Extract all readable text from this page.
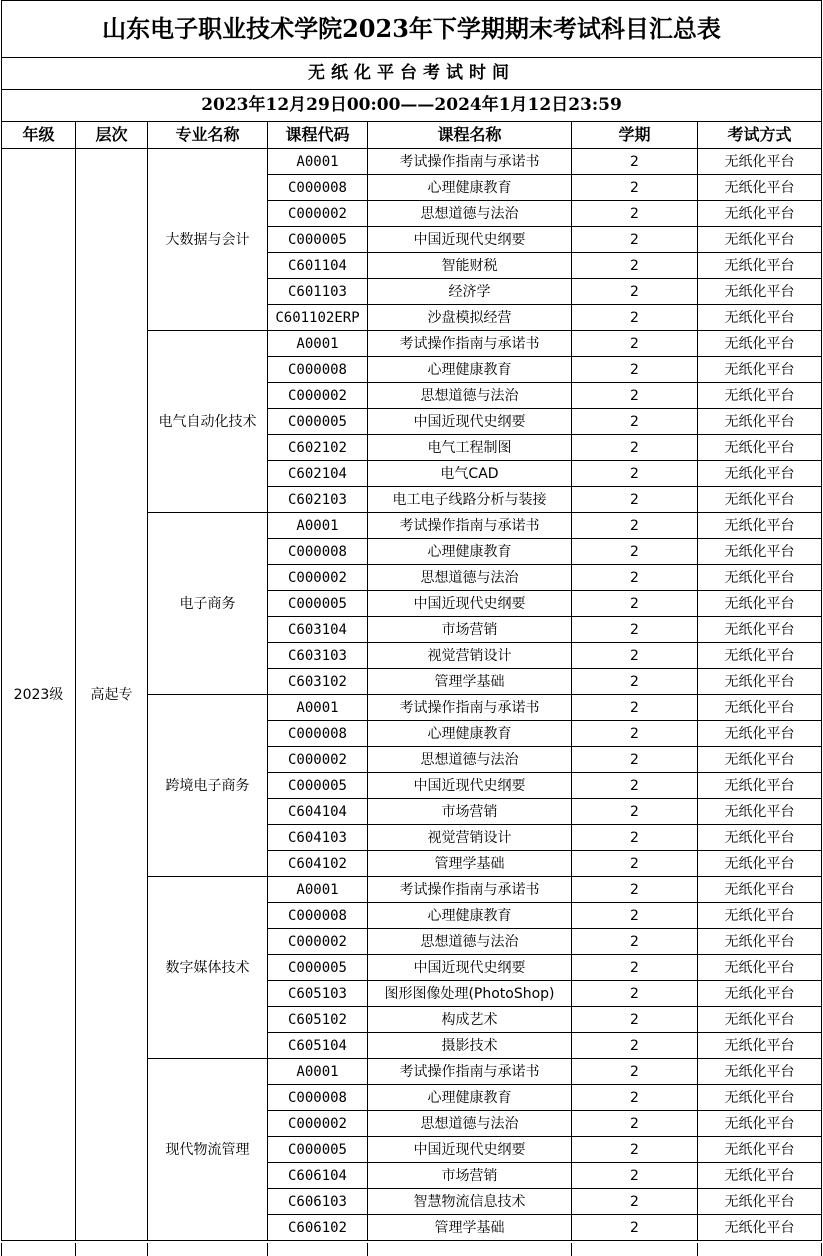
山东电子职业技术学院2023年下学期期末考试科目汇总表						
无纸化平台考试时间						
2023年12月29日00:00——2024年1月12日23:59						
年级	层次	专业名称	课程代码	课程名称	学期	考试方式
2023级	高起专	大数据与会计	A0001	考试操作指南与承诺书	2	无纸化平台
			C000008	心理健康教育	2	无纸化平台
			C000002	思想道德与法治	2	无纸化平台
			C000005	中国近现代史纲要	2	无纸化平台
			C601104	智能财税	2	无纸化平台
			C601103	经济学	2	无纸化平台
			C601102ERP	沙盘模拟经营	2	无纸化平台
		电气自动化技术	A0001	考试操作指南与承诺书	2	无纸化平台
			C000008	心理健康教育	2	无纸化平台
			C000002	思想道德与法治	2	无纸化平台
			C000005	中国近现代史纲要	2	无纸化平台
			C602102	电气工程制图	2	无纸化平台
			C602104	电气CAD	2	无纸化平台
			C602103	电工电子线路分析与装接	2	无纸化平台
		电子商务	A0001	考试操作指南与承诺书	2	无纸化平台
			C000008	心理健康教育	2	无纸化平台
			C000002	思想道德与法治	2	无纸化平台
			C000005	中国近现代史纲要	2	无纸化平台
			C603104	市场营销	2	无纸化平台
			C603103	视觉营销设计	2	无纸化平台
			C603102	管理学基础	2	无纸化平台
		跨境电子商务	A0001	考试操作指南与承诺书	2	无纸化平台
			C000008	心理健康教育	2	无纸化平台
			C000002	思想道德与法治	2	无纸化平台
			C000005	中国近现代史纲要	2	无纸化平台
			C604104	市场营销	2	无纸化平台
			C604103	视觉营销设计	2	无纸化平台
			C604102	管理学基础	2	无纸化平台
		数字媒体技术	A0001	考试操作指南与承诺书	2	无纸化平台
			C000008	心理健康教育	2	无纸化平台
			C000002	思想道德与法治	2	无纸化平台
			C000005	中国近现代史纲要	2	无纸化平台
			C605103	图形图像处理(PhotoShop)	2	无纸化平台
			C605102	构成艺术	2	无纸化平台
			C605104	摄影技术	2	无纸化平台
		现代物流管理	A0001	考试操作指南与承诺书	2	无纸化平台
			C000008	心理健康教育	2	无纸化平台
			C000002	思想道德与法治	2	无纸化平台
			C000005	中国近现代史纲要	2	无纸化平台
			C606104	市场营销	2	无纸化平台
			C606103	智慧物流信息技术	2	无纸化平台
			C606102	管理学基础	2	无纸化平台
